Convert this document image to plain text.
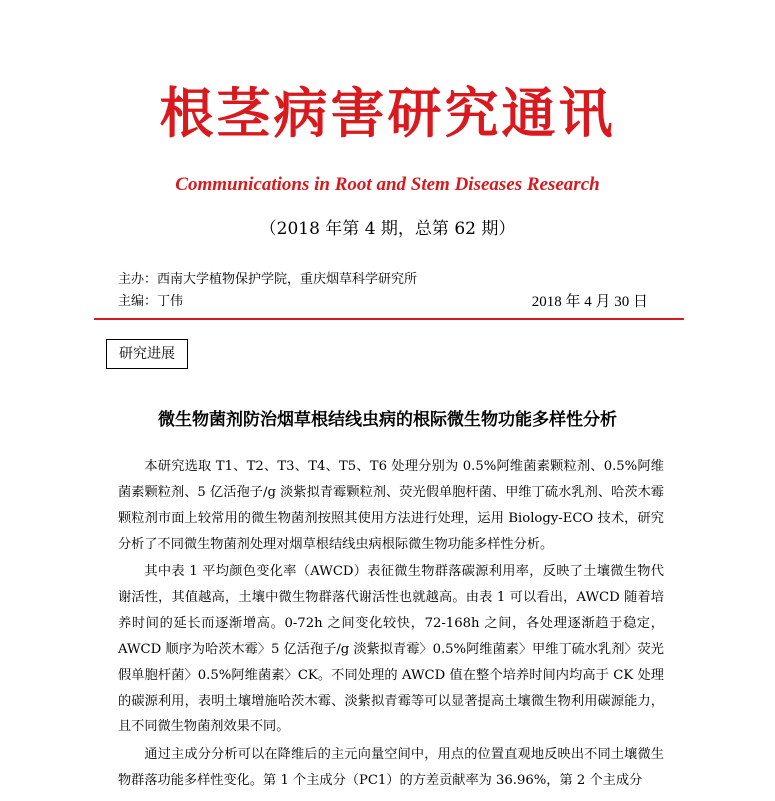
根茎病害研究通讯
Communications in Root and Stem Diseases Research
（2018 年第 4 期，总第 62 期）
主办：西南大学植物保护学院，重庆烟草科学研究所
主编：丁伟	2018 年 4 月 30 日
研究进展
微生物菌剂防治烟草根结线虫病的根际微生物功能多样性分析

本研究选取 T1、T2、T3、T4、T5、T6 处理分别为 0.5%阿维菌素颗粒剂、0.5%阿维菌素颗粒剂、5 亿活孢子/g 淡紫拟青霉颗粒剂、荧光假单胞杆菌、甲维丁硫水乳剂、哈茨木霉颗粒剂市面上较常用的微生物菌剂按照其使用方法进行处理，运用 Biology-ECO 技术，研究分析了不同微生物菌剂处理对烟草根结线虫病根际微生物功能多样性分析。

其中表 1 平均颜色变化率（AWCD）表征微生物群落碳源利用率，反映了土壤微生物代谢活性，其值越高，土壤中微生物群落代谢活性也就越高。由表 1 可以看出，AWCD 随着培养时间的延长而逐渐增高。0-72h 之间变化较快，72-168h 之间，各处理逐渐趋于稳定，AWCD 顺序为哈茨木霉〉5 亿活孢子/g 淡紫拟青霉〉0.5%阿维菌素〉甲维丁硫水乳剂〉荧光假单胞杆菌〉0.5%阿维菌素〉CK。不同处理的 AWCD 值在整个培养时间内均高于 CK 处理的碳源利用，表明土壤增施哈茨木霉、淡紫拟青霉等可以显著提高土壤微生物利用碳源能力，且不同微生物菌剂效果不同。

通过主成分分析可以在降维后的主元向量空间中，用点的位置直观地反映出不同土壤微生物群落功能多样性变化。第 1 个主成分（PC1）的方差贡献率为 36.96%，第 2 个主成分
